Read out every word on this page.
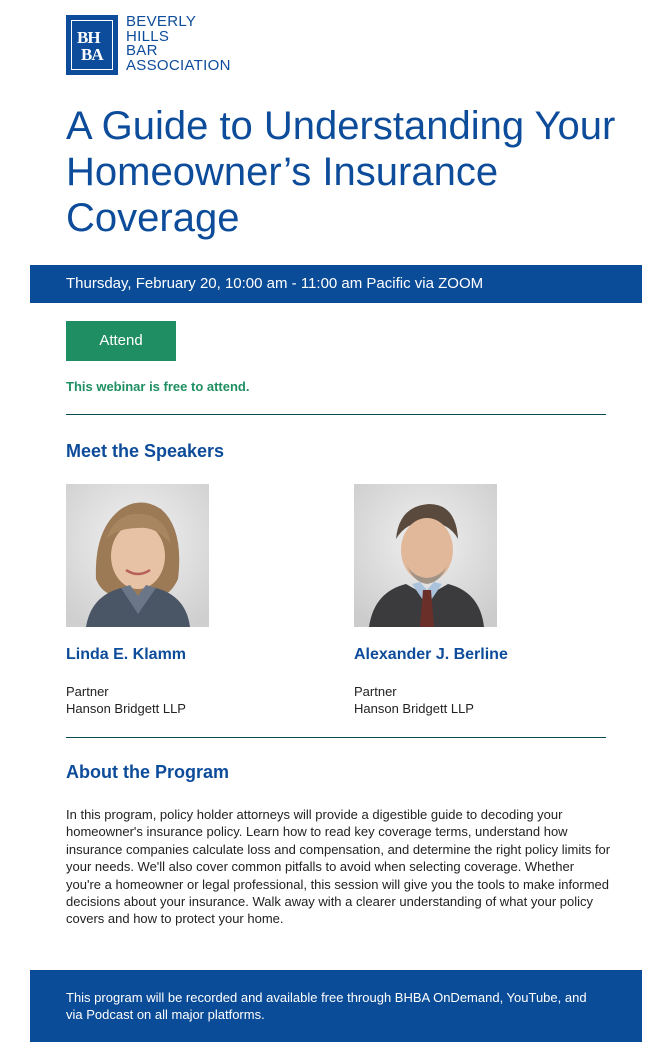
BH
BA
BEVERLY
HILLS
BAR
ASSOCIATION
A Guide to Understanding Your Homeowner’s Insurance Coverage
Thursday, February 20, 10:00 am - 11:00 am Pacific via ZOOM
Attend
This webinar is free to attend.
Meet the Speakers
Linda E. Klamm
Partner
Hanson Bridgett LLP
Alexander J. Berline
Partner
Hanson Bridgett LLP
About the Program

In this program, policy holder attorneys will provide a digestible guide to decoding your homeowner's insurance policy. Learn how to read key coverage terms, understand how insurance companies calculate loss and compensation, and determine the right policy limits for your needs. We'll also cover common pitfalls to avoid when selecting coverage. Whether you're a homeowner or legal professional, this session will give you the tools to make informed decisions about your insurance. Walk away with a clearer understanding of what your policy covers and how to protect your home.

This program will be recorded and available free through BHBA OnDemand, YouTube, and via Podcast on all major platforms.
